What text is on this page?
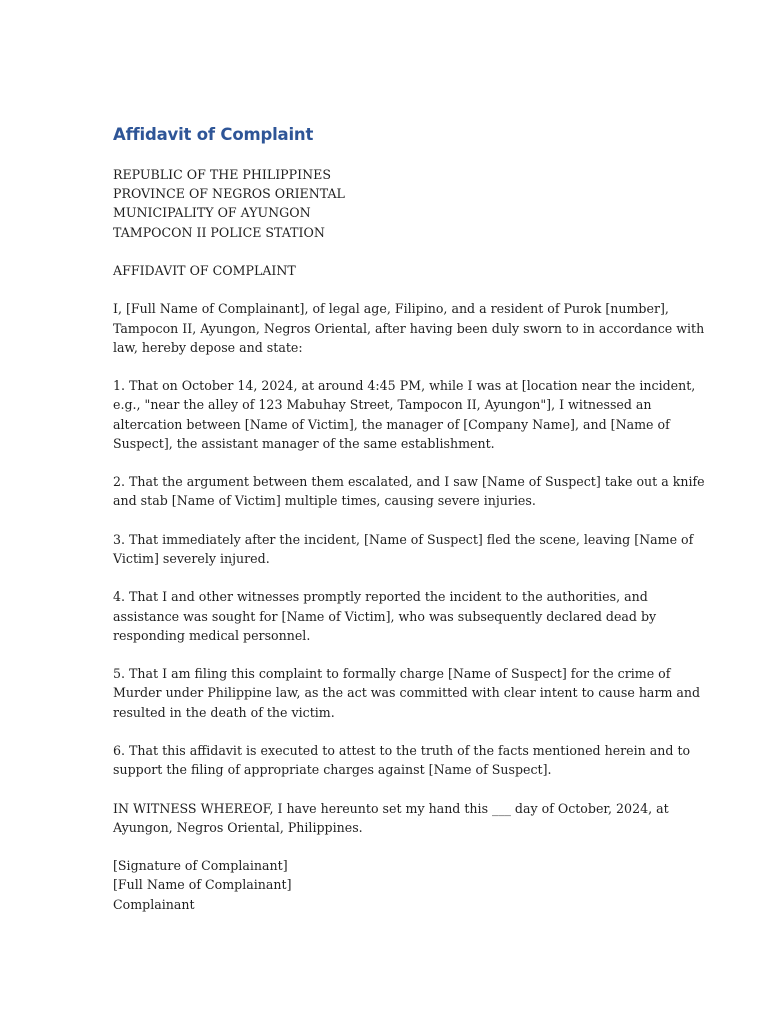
Affidavit of Complaint
REPUBLIC OF THE PHILIPPINES
PROVINCE OF NEGROS ORIENTAL
MUNICIPALITY OF AYUNGON
TAMPOCON II POLICE STATION
AFFIDAVIT OF COMPLAINT
I, [Full Name of Complainant], of legal age, Filipino, and a resident of Purok [number],
Tampocon II, Ayungon, Negros Oriental, after having been duly sworn to in accordance with
law, hereby depose and state:
1. That on October 14, 2024, at around 4:45 PM, while I was at [location near the incident,
e.g., "near the alley of 123 Mabuhay Street, Tampocon II, Ayungon"], I witnessed an
altercation between [Name of Victim], the manager of [Company Name], and [Name of
Suspect], the assistant manager of the same establishment.
2. That the argument between them escalated, and I saw [Name of Suspect] take out a knife
and stab [Name of Victim] multiple times, causing severe injuries.
3. That immediately after the incident, [Name of Suspect] fled the scene, leaving [Name of
Victim] severely injured.
4. That I and other witnesses promptly reported the incident to the authorities, and
assistance was sought for [Name of Victim], who was subsequently declared dead by
responding medical personnel.
5. That I am filing this complaint to formally charge [Name of Suspect] for the crime of
Murder under Philippine law, as the act was committed with clear intent to cause harm and
resulted in the death of the victim.
6. That this affidavit is executed to attest to the truth of the facts mentioned herein and to
support the filing of appropriate charges against [Name of Suspect].
IN WITNESS WHEREOF, I have hereunto set my hand this ___ day of October, 2024, at
Ayungon, Negros Oriental, Philippines.
[Signature of Complainant]
[Full Name of Complainant]
Complainant
